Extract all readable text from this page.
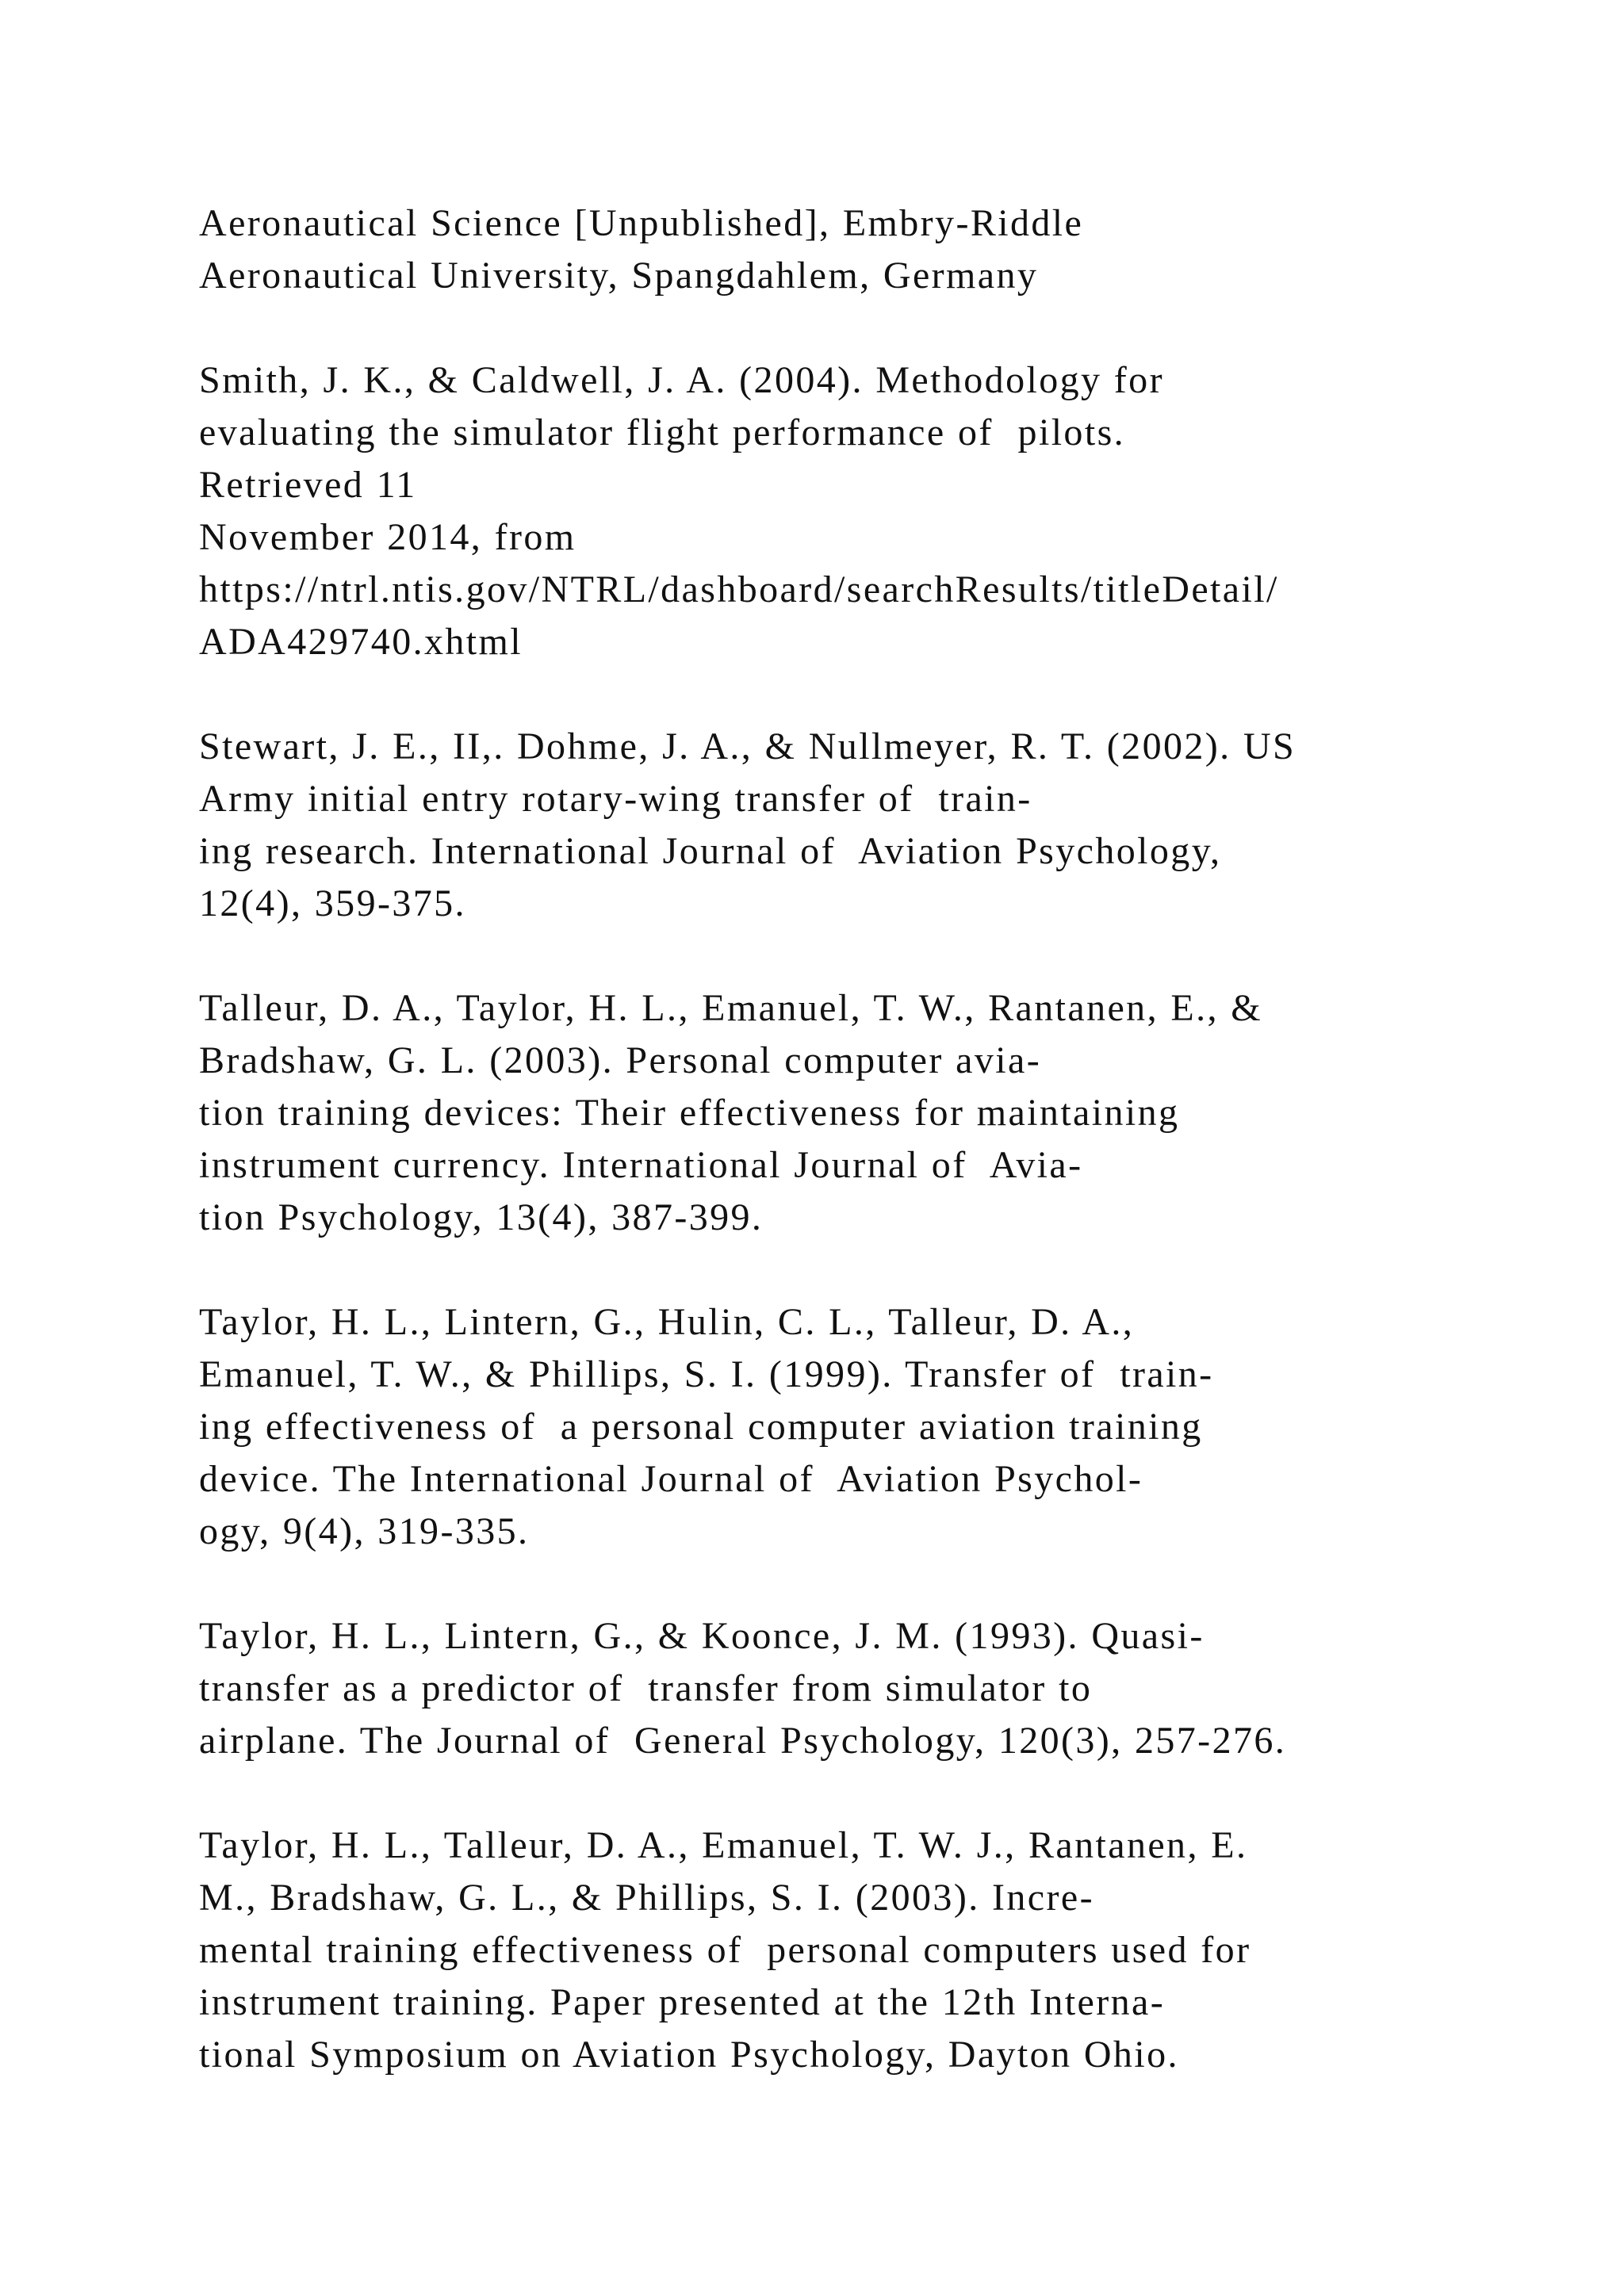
Aeronautical Science [Unpublished], Embry-Riddle
Aeronautical University, Spangdahlem, Germany
Smith, J. K., & Caldwell, J. A. (2004). Methodology for
evaluating the simulator flight performance of  pilots.
Retrieved 11
November 2014, from
https://ntrl.ntis.gov/NTRL/dashboard/searchResults/titleDetail/
ADA429740.xhtml
Stewart, J. E., II,. Dohme, J. A., & Nullmeyer, R. T. (2002). US
Army initial entry rotary-wing transfer of  train-
ing research. International Journal of  Aviation Psychology,
12(4), 359-375.
Talleur, D. A., Taylor, H. L., Emanuel, T. W., Rantanen, E., &
Bradshaw, G. L. (2003). Personal computer avia-
tion training devices: Their effectiveness for maintaining
instrument currency. International Journal of  Avia-
tion Psychology, 13(4), 387-399.
Taylor, H. L., Lintern, G., Hulin, C. L., Talleur, D. A.,
Emanuel, T. W., & Phillips, S. I. (1999). Transfer of  train-
ing effectiveness of  a personal computer aviation training
device. The International Journal of  Aviation Psychol-
ogy, 9(4), 319-335.
Taylor, H. L., Lintern, G., & Koonce, J. M. (1993). Quasi-
transfer as a predictor of  transfer from simulator to
airplane. The Journal of  General Psychology, 120(3), 257-276.
Taylor, H. L., Talleur, D. A., Emanuel, T. W. J., Rantanen, E.
M., Bradshaw, G. L., & Phillips, S. I. (2003). Incre-
mental training effectiveness of  personal computers used for
instrument training. Paper presented at the 12th Interna-
tional Symposium on Aviation Psychology, Dayton Ohio.
